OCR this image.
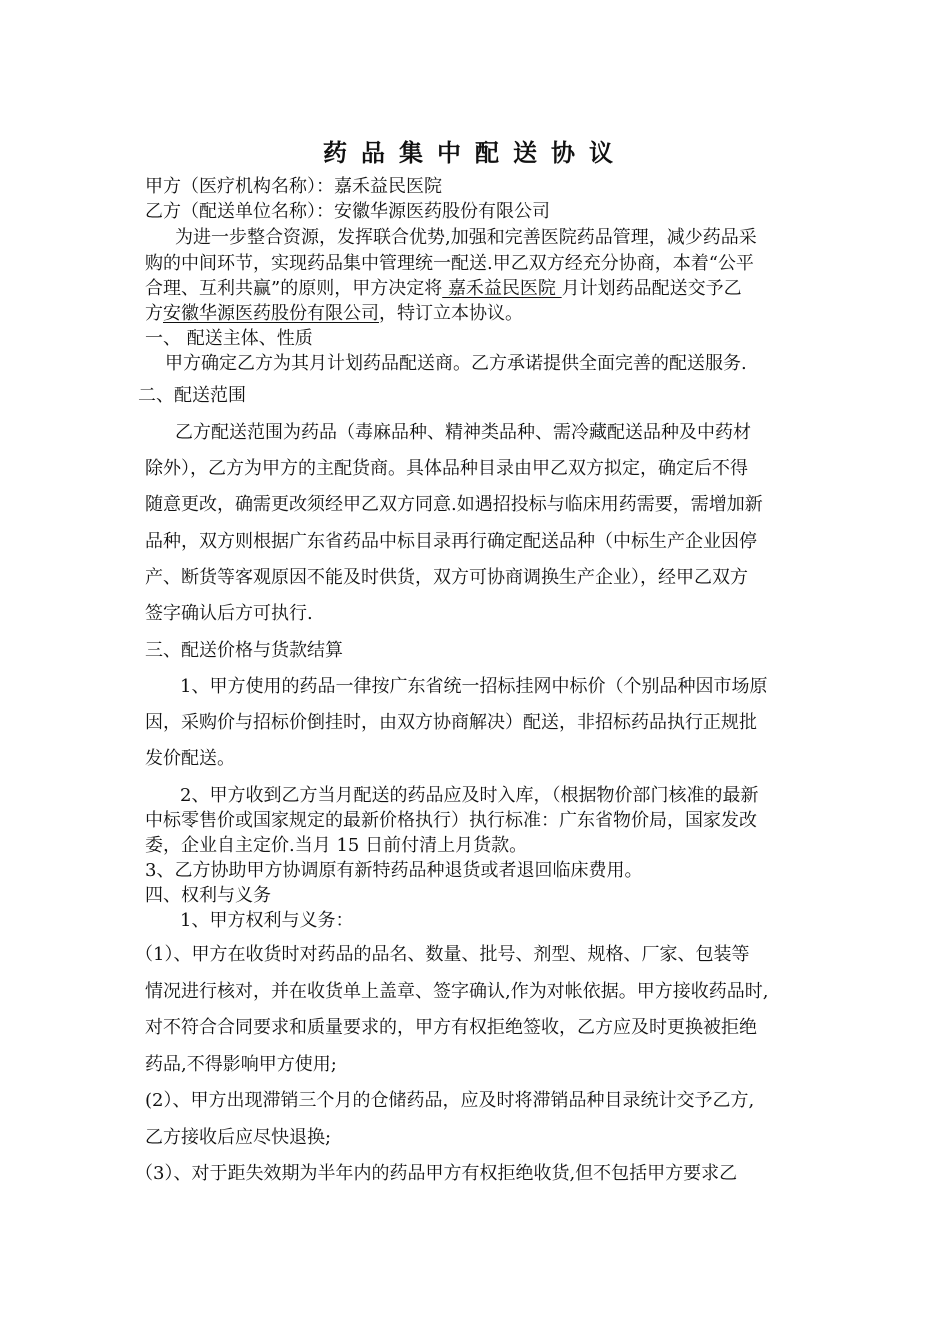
药品集中配送协议
甲方（医疗机构名称）：嘉禾益民医院
乙方（配送单位名称）：安徽华源医药股份有限公司
为进一步整合资源，发挥联合优势,加强和完善医院药品管理，减少药品采
购的中间环节，实现药品集中管理统一配送.甲乙双方经充分协商，本着“公平
合理、互利共赢”的原则，甲方决定将 嘉禾益民医院 月计划药品配送交予乙
方安徽华源医药股份有限公司，特订立本协议。
一、 配送主体、性质
甲方确定乙方为其月计划药品配送商。乙方承诺提供全面完善的配送服务.
二、配送范围
乙方配送范围为药品（毒麻品种、精神类品种、需冷藏配送品种及中药材
除外），乙方为甲方的主配货商。具体品种目录由甲乙双方拟定，确定后不得
随意更改，确需更改须经甲乙双方同意.如遇招投标与临床用药需要，需增加新
品种，双方则根据广东省药品中标目录再行确定配送品种（中标生产企业因停
产、断货等客观原因不能及时供货，双方可协商调换生产企业），经甲乙双方
签字确认后方可执行.
三、配送价格与货款结算
1、甲方使用的药品一律按广东省统一招标挂网中标价（个别品种因市场原
因，采购价与招标价倒挂时，由双方协商解决）配送，非招标药品执行正规批
发价配送。
2、甲方收到乙方当月配送的药品应及时入库，（根据物价部门核准的最新
中标零售价或国家规定的最新价格执行）执行标准：广东省物价局，国家发改
委，企业自主定价.当月 15 日前付清上月货款。
3、乙方协助甲方协调原有新特药品种退货或者退回临床费用。
四、权利与义务
1、甲方权利与义务：
（1）、甲方在收货时对药品的品名、数量、批号、剂型、规格、厂家、包装等
情况进行核对，并在收货单上盖章、签字确认,作为对帐依据。甲方接收药品时,
对不符合合同要求和质量要求的，甲方有权拒绝签收，乙方应及时更换被拒绝
药品,不得影响甲方使用;
(2）、甲方出现滞销三个月的仓储药品，应及时将滞销品种目录统计交予乙方,
乙方接收后应尽快退换;
（3）、对于距失效期为半年内的药品甲方有权拒绝收货,但不包括甲方要求乙
